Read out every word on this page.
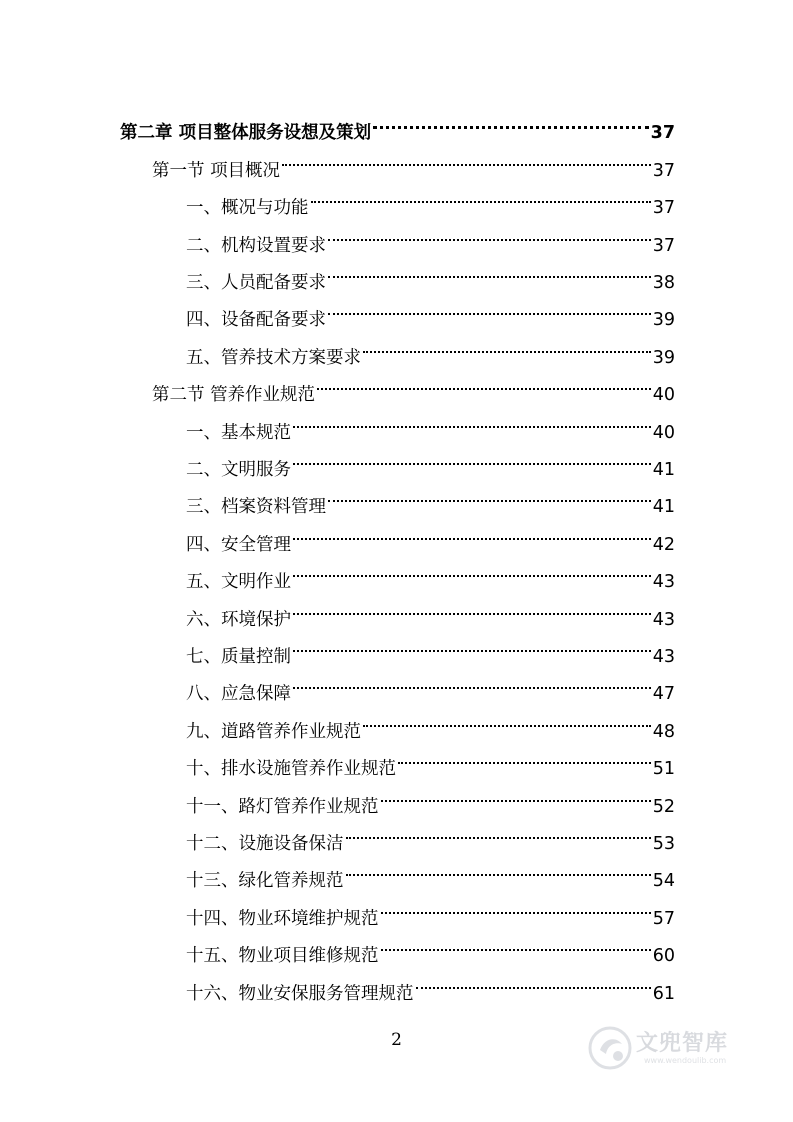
第二章 项目整体服务设想及策划	37
第一节 项目概况	37
一、概况与功能	37
二、机构设置要求	37
三、人员配备要求	38
四、设备配备要求	39
五、管养技术方案要求	39
第二节 管养作业规范	40
一、基本规范	40
二、文明服务	41
三、档案资料管理	41
四、安全管理	42
五、文明作业	43
六、环境保护	43
七、质量控制	43
八、应急保障	47
九、道路管养作业规范	48
十、排水设施管养作业规范	51
十一、路灯管养作业规范	52
十二、设施设备保洁	53
十三、绿化管养规范	54
十四、物业环境维护规范	57
十五、物业项目维修规范	60
十六、物业安保服务管理规范	61
2	文兜智库
www.wendoulib.com
